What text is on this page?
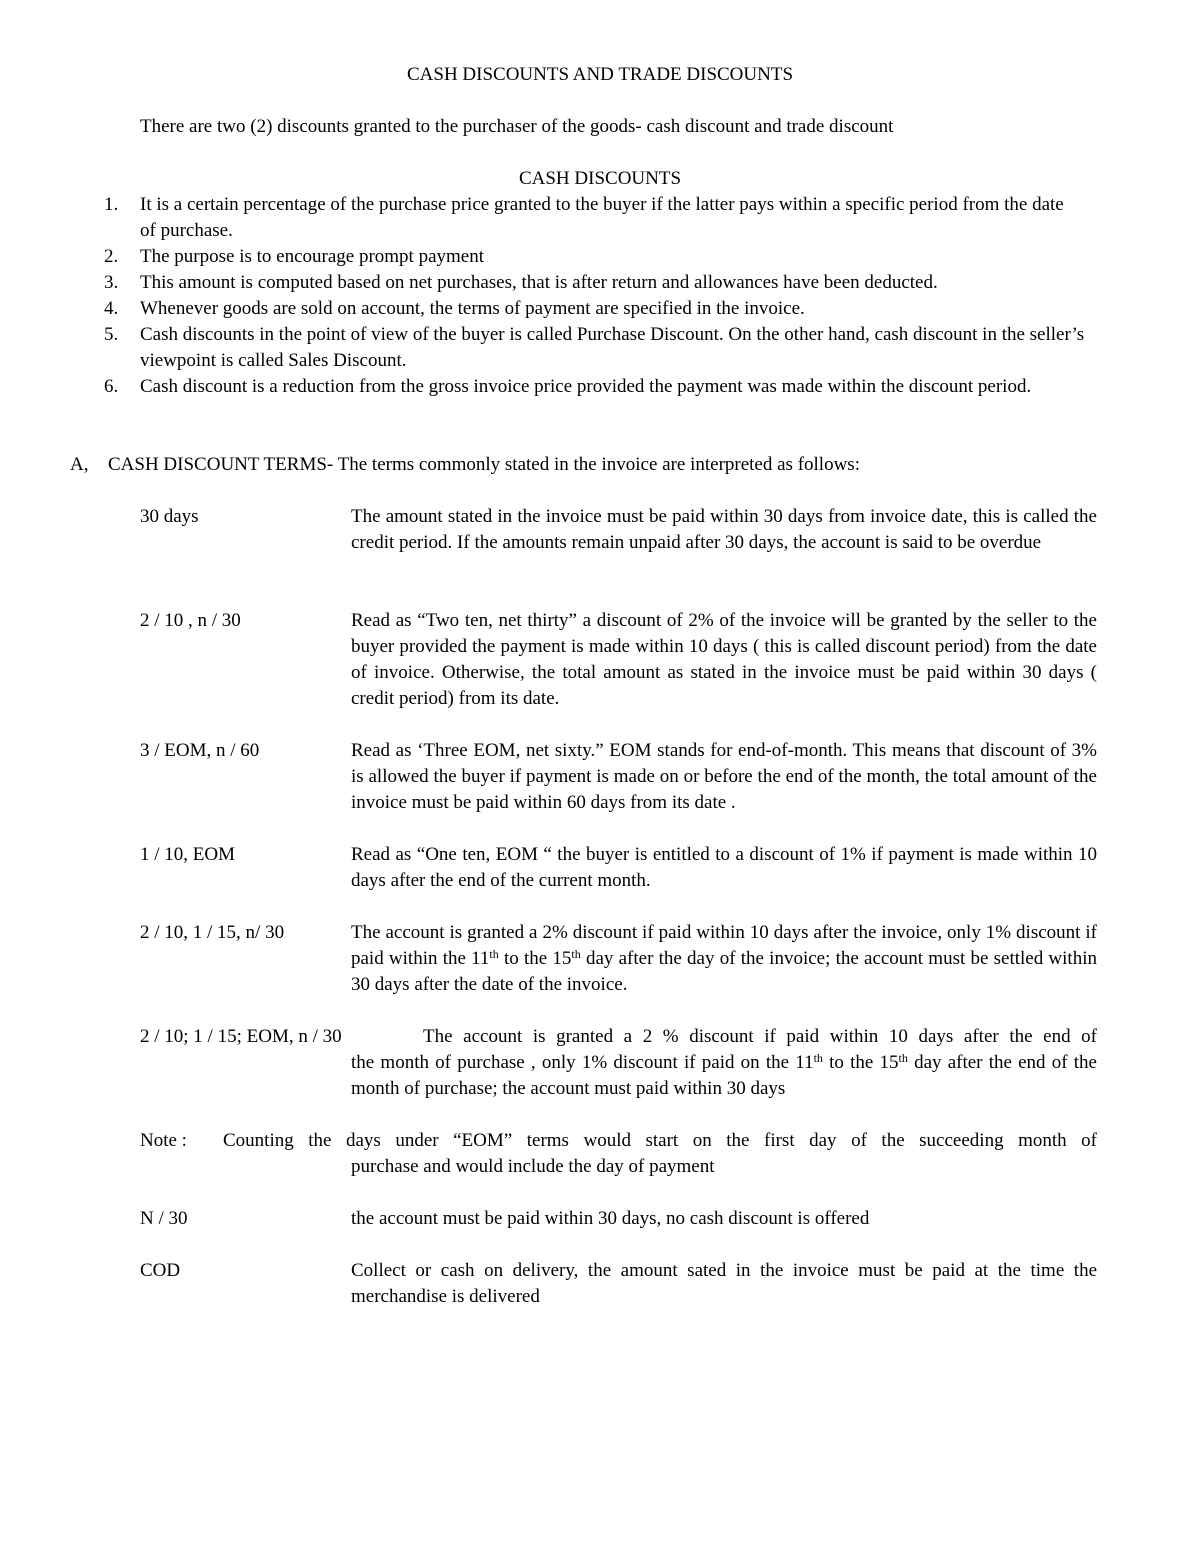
CASH DISCOUNTS AND TRADE DISCOUNTS
There are two (2) discounts granted to the purchaser of the goods- cash discount and trade discount
CASH DISCOUNTS
1. It is a certain percentage of the purchase price granted to the buyer if the latter pays within a specific period from the date of purchase.
2. The purpose is to encourage prompt payment
3. This amount is computed based on net purchases, that is after return and allowances have been deducted.
4. Whenever goods are sold on account, the terms of payment are specified in the invoice.
5. Cash discounts in the point of view of the buyer is called Purchase Discount. On the other hand, cash discount in the seller’s viewpoint is called Sales Discount.
6. Cash discount is a reduction from the gross invoice price provided the payment was made within the discount period.
A, CASH DISCOUNT TERMS- The terms commonly stated in the invoice are interpreted as follows:
30 days	The amount stated in the invoice must be paid within 30 days from invoice date, this is called the credit period. If the amounts remain unpaid after 30 days, the account is said to be overdue
2 / 10 , n / 30	Read as “Two ten, net thirty” a discount of 2% of the invoice will be granted by the seller to the buyer provided the payment is made within 10 days ( this is called discount period) from the date of invoice. Otherwise, the total amount as stated in the invoice must be paid within 30 days ( credit period) from its date.
3 / EOM, n / 60	Read as ‘Three EOM, net sixty.” EOM stands for end-of-month. This means that discount of 3% is allowed the buyer if payment is made on or before the end of the month, the total amount of the invoice must be paid within 60 days from its date .
1 / 10, EOM	Read as “One ten, EOM “ the buyer is entitled to a discount of 1% if payment is made within 10 days after the end of the current month.
2 / 10, 1 / 15, n/ 30	The account is granted a 2% discount if paid within 10 days after the invoice, only 1% discount if paid within the 11th to the 15th day after the day of the invoice; the account must be settled within 30 days after the date of the invoice.
2 / 10; 1 / 15; EOM, n / 30	The account is granted a 2 % discount if paid within 10 days after the end of
the month of purchase , only 1% discount if paid on the 11th to the 15th day after the end of the month of purchase; the account must paid within 30 days
Note : Counting the days under “EOM” terms would start on the first day of the succeeding month of
purchase and would include the day of payment
N / 30	the account must be paid within 30 days, no cash discount is offered
COD	Collect or cash on delivery, the amount sated in the invoice must be paid at the time the merchandise is delivered
